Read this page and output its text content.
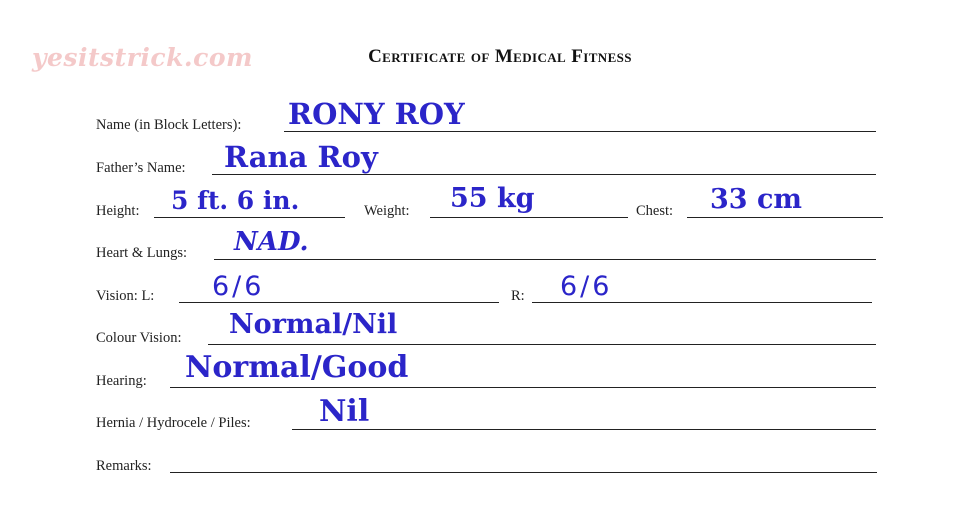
yesitstrick.com	Certificate of Medical Fitness
Name (in Block Letters): RONY ROY
Father’s Name: Rana Roy
Height: 5 ft. 6 in.	Weight: 55 kg	Chest: 33 cm
Heart & Lungs: NAD.
Vision: L: 6/6	R: 6/6
Colour Vision: Normal/Nil
Hearing: Normal/Good
Hernia / Hydrocele / Piles: Nil
Remarks:
